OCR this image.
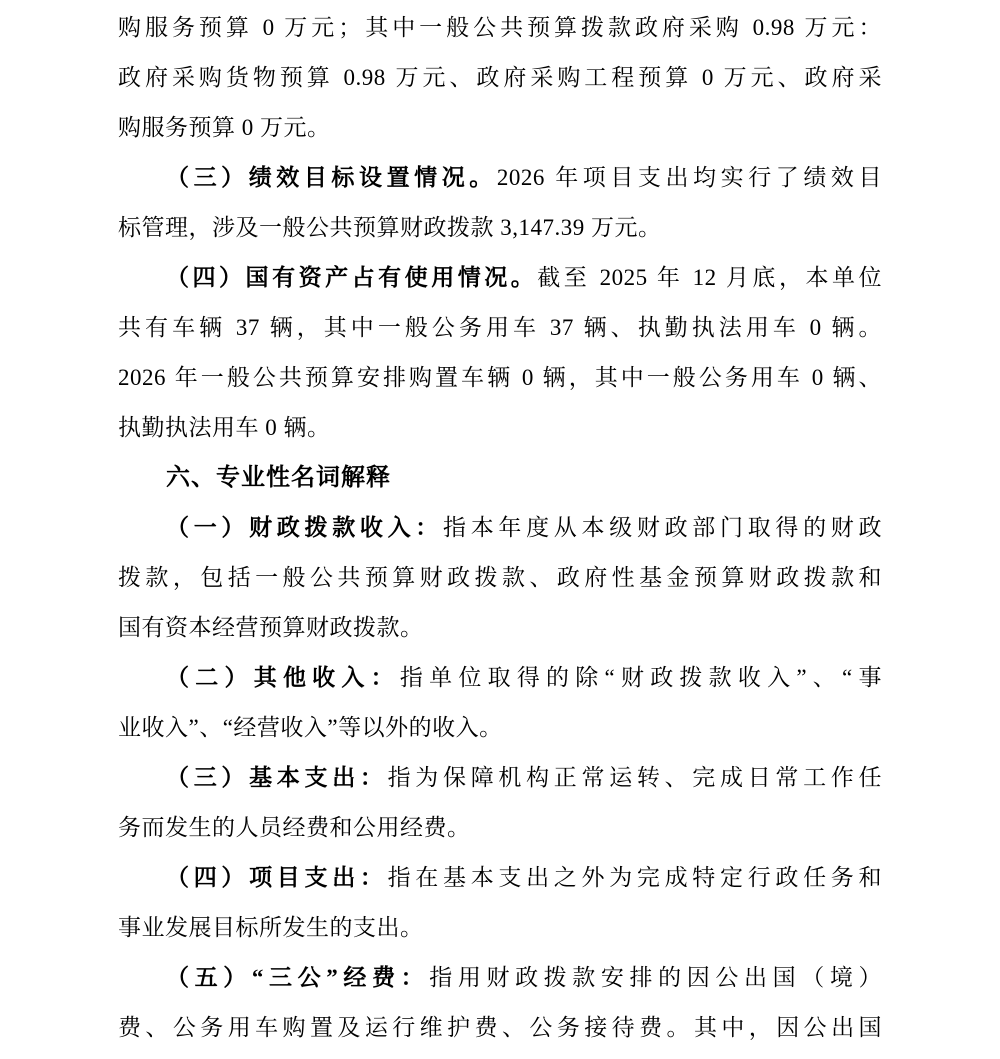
购服务预算 0 万元；其中一般公共预算拨款政府采购 0.98 万元：
政府采购货物预算 0.98 万元、政府采购工程预算 0 万元、政府采
购服务预算 0 万元。
（三）绩效目标设置情况。2026 年项目支出均实行了绩效目
标管理，涉及一般公共预算财政拨款 3,147.39 万元。
（四）国有资产占有使用情况。截至 2025 年 12 月底，本单位
共有车辆 37 辆，其中一般公务用车 37 辆、执勤执法用车 0 辆。
2026 年一般公共预算安排购置车辆 0 辆，其中一般公务用车 0 辆、
执勤执法用车 0 辆。
六、专业性名词解释
（一）财政拨款收入：指本年度从本级财政部门取得的财政
拨款，包括一般公共预算财政拨款、政府性基金预算财政拨款和
国有资本经营预算财政拨款。
（二）其他收入：指单位取得的除“财政拨款收入”、“事
业收入”、“经营收入”等以外的收入。
（三）基本支出：指为保障机构正常运转、完成日常工作任
务而发生的人员经费和公用经费。
（四）项目支出：指在基本支出之外为完成特定行政任务和
事业发展目标所发生的支出。
（五）“三公”经费：指用财政拨款安排的因公出国（境）
费、公务用车购置及运行维护费、公务接待费。其中，因公出国
